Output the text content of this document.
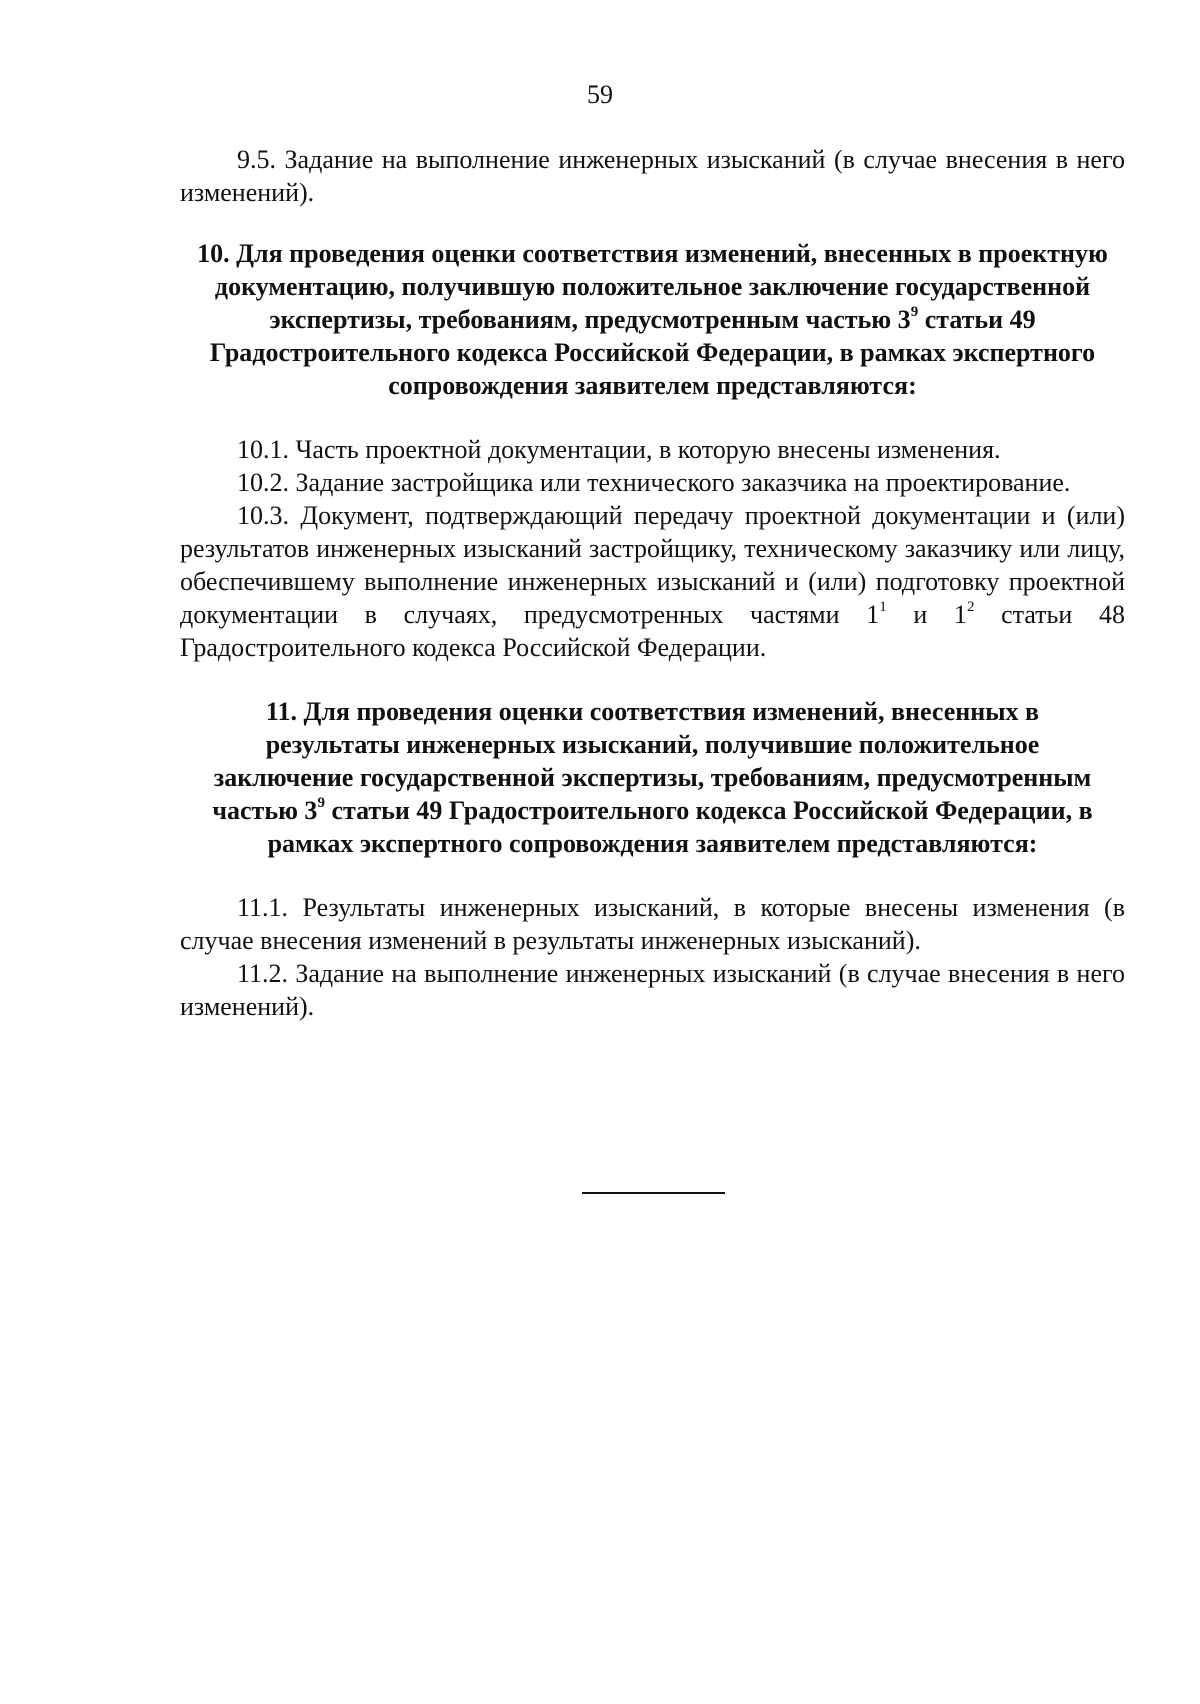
59

9.5. Задание на выполнение инженерных изысканий (в случае внесения в него изменений).

10. Для проведения оценки соответствия изменений, внесенных в проектную документацию, получившую положительное заключение государственной экспертизы, требованиям, предусмотренным частью $3^9$ статьи 49 Градостроительного кодекса Российской Федерации, в рамках экспертного сопровождения заявителем представляются:

10.1. Часть проектной документации, в которую внесены изменения.

10.2. Задание застройщика или технического заказчика на проектирование.

10.3. Документ, подтверждающий передачу проектной документации и (или) результатов инженерных изысканий застройщику, техническому заказчику или лицу, обеспечившему выполнение инженерных изысканий и (или) подготовку проектной документации в случаях, предусмотренных частями $1^1$ и $1^2$ статьи 48 Градостроительного кодекса Российской Федерации.

11. Для проведения оценки соответствия изменений, внесенных в результаты инженерных изысканий, получившие положительное заключение государственной экспертизы, требованиям, предусмотренным частью $3^9$ статьи 49 Градостроительного кодекса Российской Федерации, в рамках экспертного сопровождения заявителем представляются:

11.1. Результаты инженерных изысканий, в которые внесены изменения (в случае внесения изменений в результаты инженерных изысканий).

11.2. Задание на выполнение инженерных изысканий (в случае внесения в него изменений).
